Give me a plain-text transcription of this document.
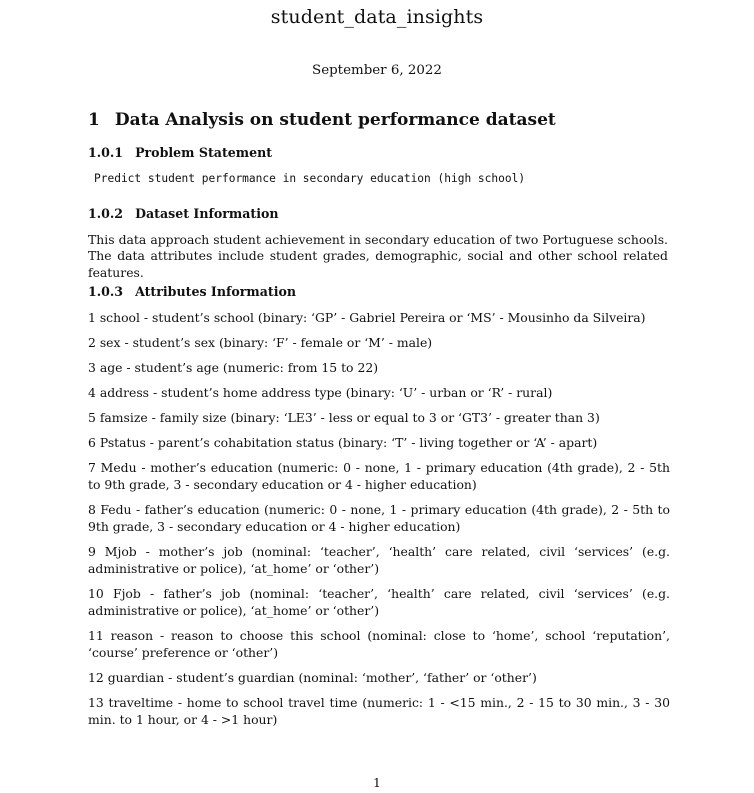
student_data_insights
September 6, 2022
1 Data Analysis on student performance dataset
1.0.1 Problem Statement
Predict student performance in secondary education (high school)
1.0.2 Dataset Information
This data approach student achievement in secondary education of two Portuguese schools. The data attributes include student grades, demographic, social and other school related features.
1.0.3 Attributes Information
1 school - student’s school (binary: ‘GP’ - Gabriel Pereira or ‘MS’ - Mousinho da Silveira)
2 sex - student’s sex (binary: ‘F’ - female or ‘M’ - male)
3 age - student’s age (numeric: from 15 to 22)
4 address - student’s home address type (binary: ‘U’ - urban or ‘R’ - rural)
5 famsize - family size (binary: ‘LE3’ - less or equal to 3 or ‘GT3’ - greater than 3)
6 Pstatus - parent’s cohabitation status (binary: ‘T’ - living together or ‘A’ - apart)
7 Medu - mother’s education (numeric: 0 - none, 1 - primary education (4th grade), 2 - 5th to 9th grade, 3 - secondary education or 4 - higher education)
8 Fedu - father’s education (numeric: 0 - none, 1 - primary education (4th grade), 2 - 5th to 9th grade, 3 - secondary education or 4 - higher education)
9 Mjob - mother’s job (nominal: ‘teacher’, ‘health’ care related, civil ‘services’ (e.g. administrative or police), ‘at_home’ or ‘other’)
10 Fjob - father’s job (nominal: ‘teacher’, ‘health’ care related, civil ‘services’ (e.g. administrative or police), ‘at_home’ or ‘other’)
11 reason - reason to choose this school (nominal: close to ‘home’, school ‘reputation’, ‘course’ preference or ‘other’)
12 guardian - student’s guardian (nominal: ‘mother’, ‘father’ or ‘other’)
13 traveltime - home to school travel time (numeric: 1 - <15 min., 2 - 15 to 30 min., 3 - 30 min. to 1 hour, or 4 - >1 hour)
1
